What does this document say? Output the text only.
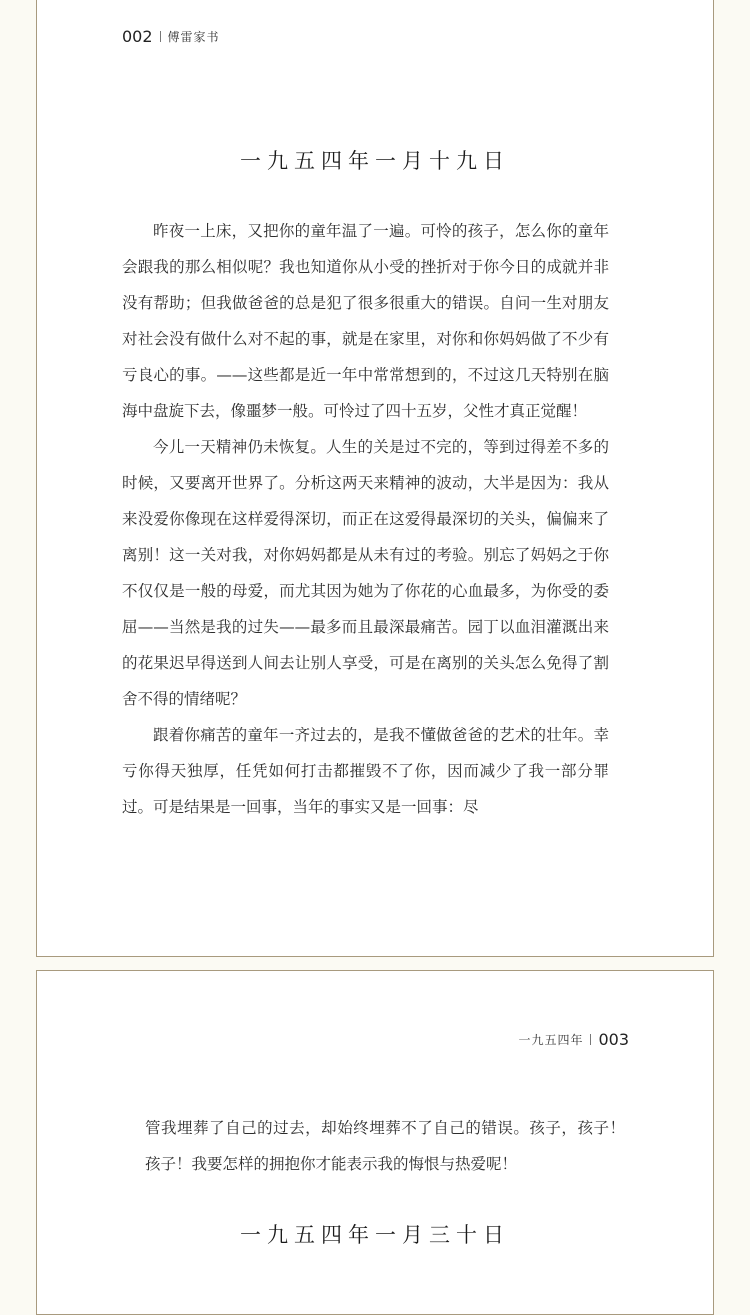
002 傅雷家书
一九五四年一月十九日

昨夜一上床，又把你的童年温了一遍。可怜的孩子，怎么你的童年会跟我的那么相似呢？我也知道你从小受的挫折对于你今日的成就并非没有帮助；但我做爸爸的总是犯了很多很重大的错误。自问一生对朋友对社会没有做什么对不起的事，就是在家里，对你和你妈妈做了不少有亏良心的事。——这些都是近一年中常常想到的，不过这几天特别在脑海中盘旋下去，像噩梦一般。可怜过了四十五岁，父性才真正觉醒！

今儿一天精神仍未恢复。人生的关是过不完的，等到过得差不多的时候，又要离开世界了。分析这两天来精神的波动，大半是因为：我从来没爱你像现在这样爱得深切，而正在这爱得最深切的关头，偏偏来了离别！这一关对我，对你妈妈都是从未有过的考验。别忘了妈妈之于你不仅仅是一般的母爱，而尤其因为她为了你花的心血最多，为你受的委屈——当然是我的过失——最多而且最深最痛苦。园丁以血泪灌溉出来的花果迟早得送到人间去让别人享受，可是在离别的关头怎么免得了割舍不得的情绪呢？

跟着你痛苦的童年一齐过去的，是我不懂做爸爸的艺术的壮年。幸亏你得天独厚，任凭如何打击都摧毁不了你，因而减少了我一部分罪过。可是结果是一回事，当年的事实又是一回事：尽

一九五四年 003

管我埋葬了自己的过去，却始终埋葬不了自己的错误。孩子，孩子！孩子！我要怎样的拥抱你才能表示我的悔恨与热爱呢！

一九五四年一月三十日
